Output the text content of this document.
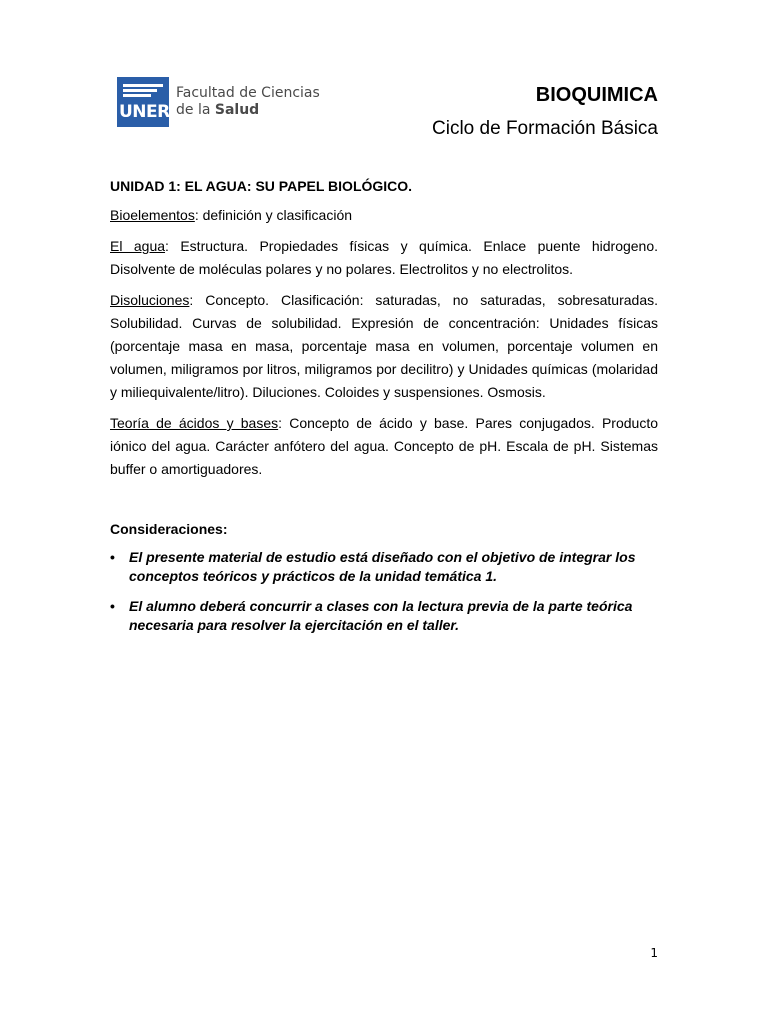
UNER
Facultad de Ciencias
de la Salud
BIOQUIMICA
Ciclo de Formación Básica

UNIDAD 1: EL AGUA: SU PAPEL BIOLÓGICO.

Bioelementos: definición y clasificación

El agua: Estructura. Propiedades físicas y química. Enlace puente hidrogeno. Disolvente de moléculas polares y no polares. Electrolitos y no electrolitos.

Disoluciones: Concepto. Clasificación: saturadas, no saturadas, sobresaturadas. Solubilidad. Curvas de solubilidad. Expresión de concentración: Unidades físicas (porcentaje masa en masa, porcentaje masa en volumen, porcentaje volumen en volumen, miligramos por litros, miligramos por decilitro) y Unidades químicas (molaridad y miliequivalente/litro). Diluciones. Coloides y suspensiones. Osmosis.

Teoría de ácidos y bases: Concepto de ácido y base. Pares conjugados. Producto iónico del agua. Carácter anfótero del agua. Concepto de pH. Escala de pH. Sistemas buffer o amortiguadores.

Consideraciones:

• El presente material de estudio está diseñado con el objetivo de integrar los conceptos teóricos y prácticos de la unidad temática 1.
• El alumno deberá concurrir a clases con la lectura previa de la parte teórica necesaria para resolver la ejercitación en el taller.
1
